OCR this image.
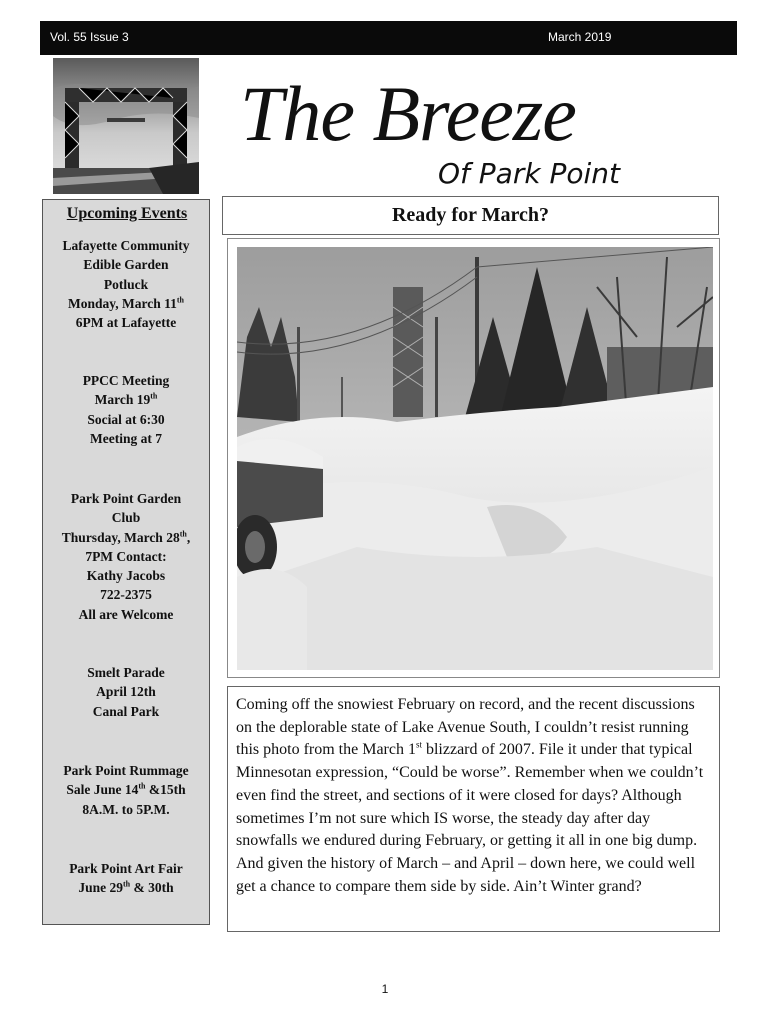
Vol. 55 Issue 3	March 2019
The Breeze
Of Park Point
Upcoming Events
Lafayette Community
Edible Garden
Potluck
Monday, March 11th
6PM at Lafayette
PPCC Meeting
March 19th
Social at 6:30
Meeting at 7
Park Point Garden
Club
Thursday, March 28th,
7PM Contact:
Kathy Jacobs
722-2375
All are Welcome
Smelt Parade
April 12th
Canal Park
Park Point Rummage
Sale June 14th &15th
8A.M. to 5P.M.
Park Point Art Fair
June 29th & 30th
Ready for March?
Coming off the snowiest February on record, and the recent discussions on the deplorable state of Lake Avenue South, I couldn’t resist running this photo from the March 1st blizzard of 2007. File it under that typical Minnesotan expression, “Could be worse”. Remember when we couldn’t even find the street, and sections of it were closed for days? Although sometimes I’m not sure which IS worse, the steady day after day snowfalls we endured during February, or getting it all in one big dump. And given the history of March – and April – down here, we could well get a chance to compare them side by side. Ain’t Winter grand?
1
